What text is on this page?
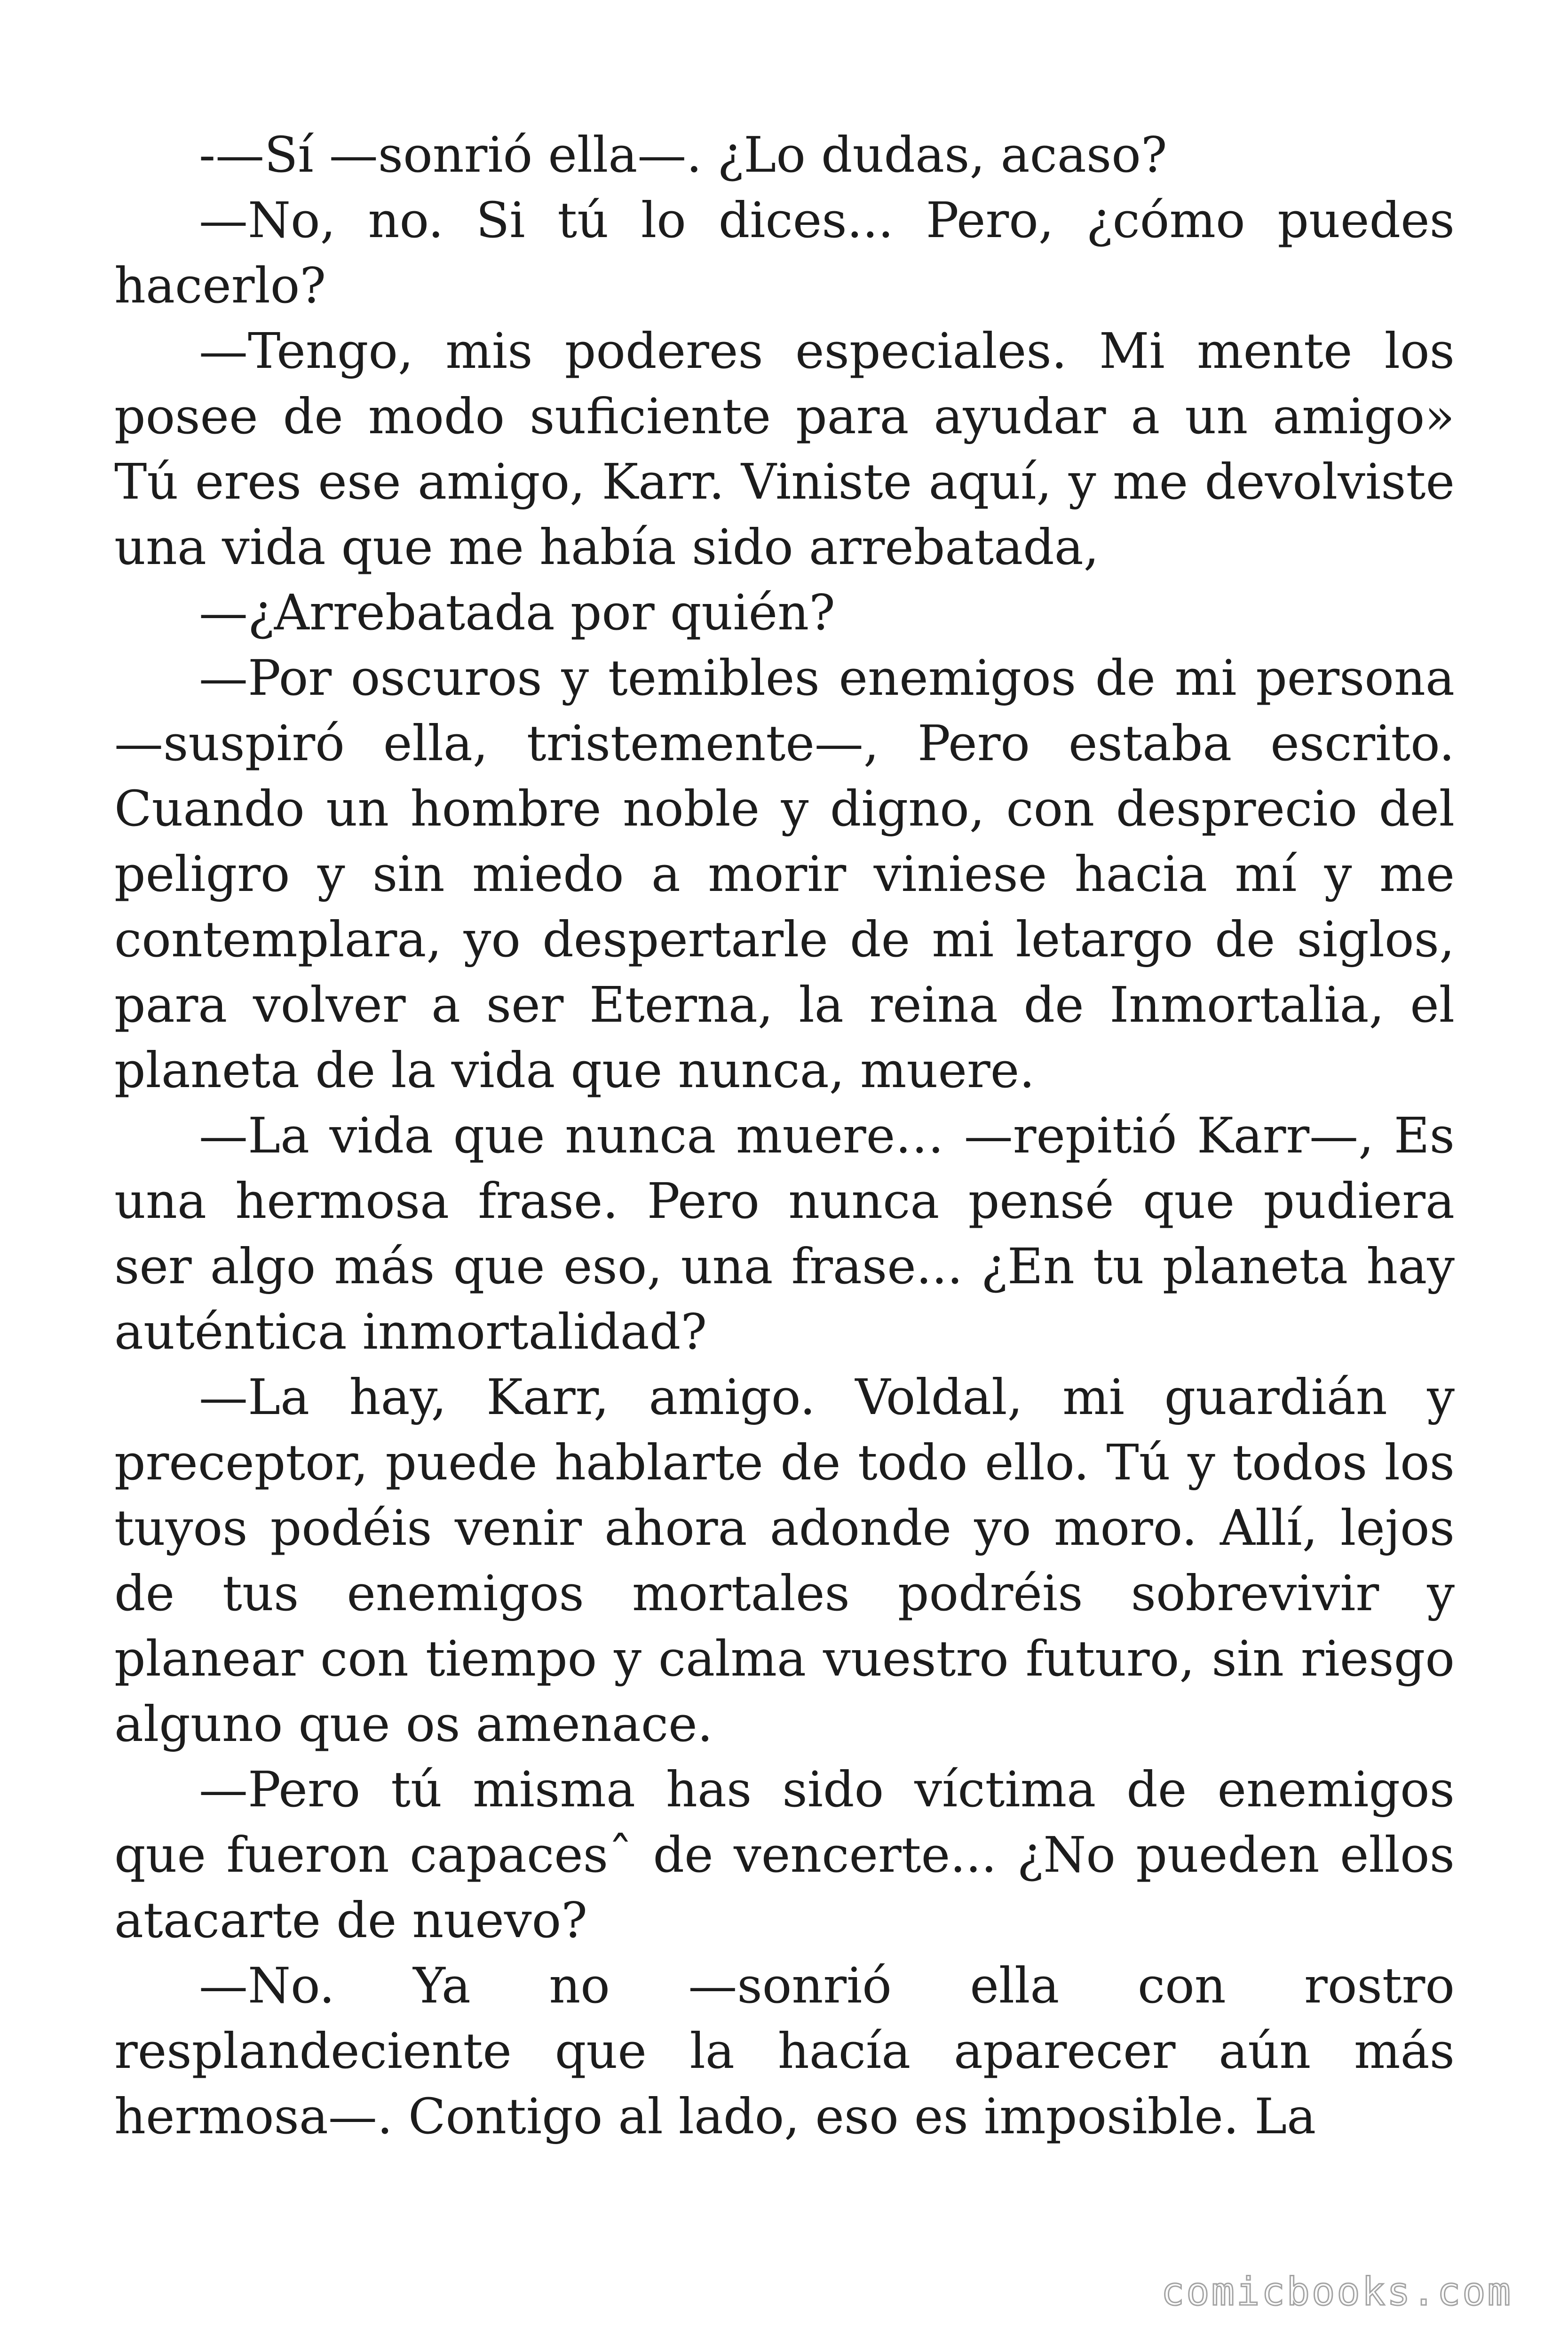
-—Sí —sonrió ella—. ¿Lo dudas, acaso?

—No, no. Si tú lo dices... Pero, ¿cómo puedes hacerlo?

—Tengo, mis poderes especiales. Mi mente los posee de modo suficiente para ayudar a un amigo» Tú eres ese amigo, Karr. Viniste aquí, y me devolviste una vida que me había sido arrebatada,

—¿Arrebatada por quién?

—Por oscuros y temibles enemigos de mi persona —suspiró ella, tristemente—, Pero estaba escrito. Cuando un hombre noble y digno, con desprecio del peligro y sin miedo a morir viniese hacia mí y me contemplara, yo despertarle de mi letargo de siglos, para volver a ser Eterna, la reina de Inmortalia, el planeta de la vida que nunca, muere.

—La vida que nunca muere… —repitió Karr—, Es una hermosa frase. Pero nunca pensé que pudiera ser algo más que eso, una frase... ¿En tu planeta hay auténtica inmortalidad?

—La hay, Karr, amigo. Voldal, mi guardián y preceptor, puede hablarte de todo ello. Tú y todos los tuyos podéis venir ahora adonde yo moro. Allí, lejos de tus enemigos mortales podréis sobrevivir y planear con tiempo y calma vuestro futuro, sin riesgo alguno que os amenace.

—Pero tú misma has sido víctima de enemigos que fueron capacesˆ de vencerte... ¿No pueden ellos atacarte de nuevo?

—No. Ya no —sonrió ella con rostro resplandeciente que la hacía aparecer aún más hermosa—. Contigo al lado, eso es imposible. La

comicbooks.com
